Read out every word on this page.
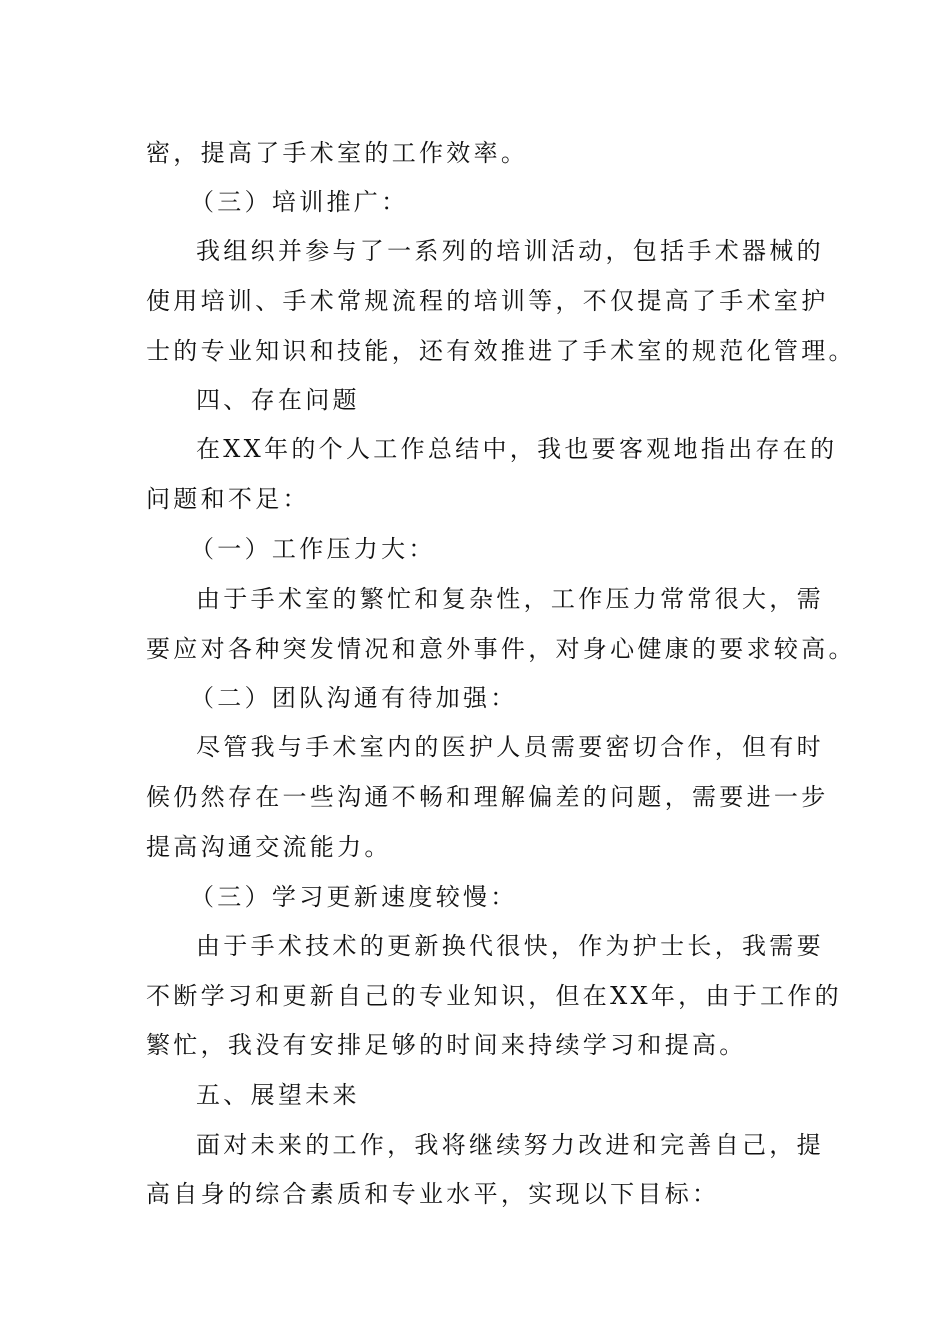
密，提高了手术室的工作效率。
（三）培训推广：
我组织并参与了一系列的培训活动，包括手术器械的
使用培训、手术常规流程的培训等，不仅提高了手术室护
士的专业知识和技能，还有效推进了手术室的规范化管理。
四、存在问题
在XX年的个人工作总结中，我也要客观地指出存在的
问题和不足：
（一）工作压力大：
由于手术室的繁忙和复杂性，工作压力常常很大，需
要应对各种突发情况和意外事件，对身心健康的要求较高。
（二）团队沟通有待加强：
尽管我与手术室内的医护人员需要密切合作，但有时
候仍然存在一些沟通不畅和理解偏差的问题，需要进一步
提高沟通交流能力。
（三）学习更新速度较慢：
由于手术技术的更新换代很快，作为护士长，我需要
不断学习和更新自己的专业知识，但在XX年，由于工作的
繁忙，我没有安排足够的时间来持续学习和提高。
五、展望未来
面对未来的工作，我将继续努力改进和完善自己，提
高自身的综合素质和专业水平，实现以下目标：
